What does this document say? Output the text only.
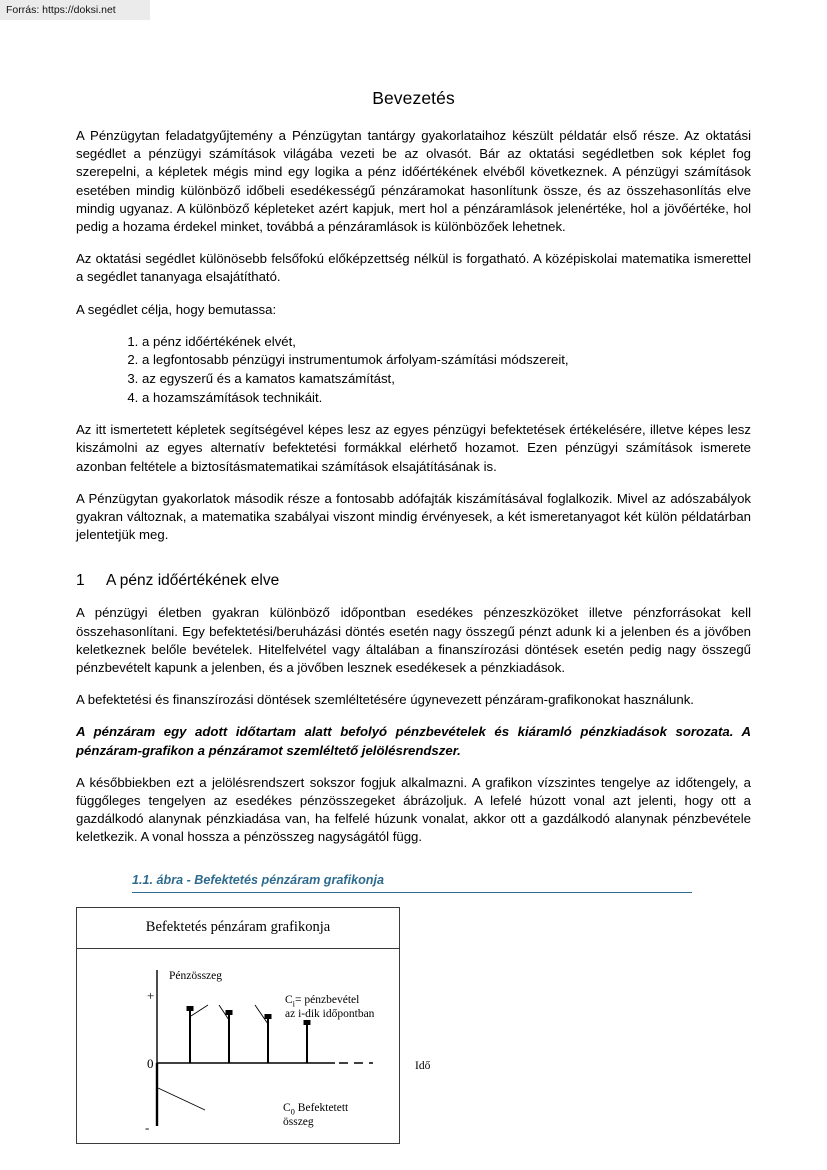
Forrás: https://doksi.net
Bevezetés

A Pénzügytan feladatgyűjtemény a Pénzügytan tantárgy gyakorlataihoz készült példatár első része. Az oktatási segédlet a pénzügyi számítások világába vezeti be az olvasót. Bár az oktatási segédletben sok képlet fog szerepelni, a képletek mégis mind egy logika a pénz időértékének elvéből következnek. A pénzügyi számítások esetében mindig különböző időbeli esedékességű pénzáramokat hasonlítunk össze, és az összehasonlítás elve mindig ugyanaz. A különböző képleteket azért kapjuk, mert hol a pénzáramlások jelenértéke, hol a jövőértéke, hol pedig a hozama érdekel minket, továbbá a pénzáramlások is különbözőek lehetnek.

Az oktatási segédlet különösebb felsőfokú előképzettség nélkül is forgatható. A középiskolai matematika ismerettel a segédlet tananyaga elsajátítható.

A segédlet célja, hogy bemutassa:

1. a pénz időértékének elvét,
2. a legfontosabb pénzügyi instrumentumok árfolyam-számítási módszereit,
3. az egyszerű és a kamatos kamatszámítást,
4. a hozamszámítások technikáit.

Az itt ismertetett képletek segítségével képes lesz az egyes pénzügyi befektetések értékelésére, illetve képes lesz kiszámolni az egyes alternatív befektetési formákkal elérhető hozamot. Ezen pénzügyi számítások ismerete azonban feltétele a biztosításmatematikai számítások elsajátításának is.

A Pénzügytan gyakorlatok második része a fontosabb adófajták kiszámításával foglalkozik. Mivel az adószabályok gyakran változnak, a matematika szabályai viszont mindig érvényesek, a két ismeretanyagot két külön példatárban jelentetjük meg.

1	A pénz időértékének elve

A pénzügyi életben gyakran különböző időpontban esedékes pénzeszközöket illetve pénzforrásokat kell összehasonlítani. Egy befektetési/beruházási döntés esetén nagy összegű pénzt adunk ki a jelenben és a jövőben keletkeznek belőle bevételek. Hitelfelvétel vagy általában a finanszírozási döntések esetén pedig nagy összegű pénzbevételt kapunk a jelenben, és a jövőben lesznek esedékesek a pénzkiadások.

A befektetési és finanszírozási döntések szemléltetésére úgynevezett pénzáram-grafikonokat használunk.

A pénzáram egy adott időtartam alatt befolyó pénzbevételek és kiáramló pénzkiadások sorozata. A pénzáram-grafikon a pénzáramot szemléltető jelölésrendszer.

A későbbiekben ezt a jelölésrendszert sokszor fogjuk alkalmazni. A grafikon vízszintes tengelye az időtengely, a függőleges tengelyen az esedékes pénzösszegeket ábrázoljuk. A lefelé húzott vonal azt jelenti, hogy ott a gazdálkodó alanynak pénzkiadása van, ha felfelé húzunk vonalat, akkor ott a gazdálkodó alanynak pénzbevétele keletkezik. A vonal hossza a pénzösszeg nagyságától függ.

1.1. ábra - Befektetés pénzáram grafikonja
Befektetés pénzáram grafikonja
Pénzösszeg
+
0
-
$C_i=$ pénzbevétel
az i-dik időpontban
Idő
$C_0$ Befektetett
összeg
